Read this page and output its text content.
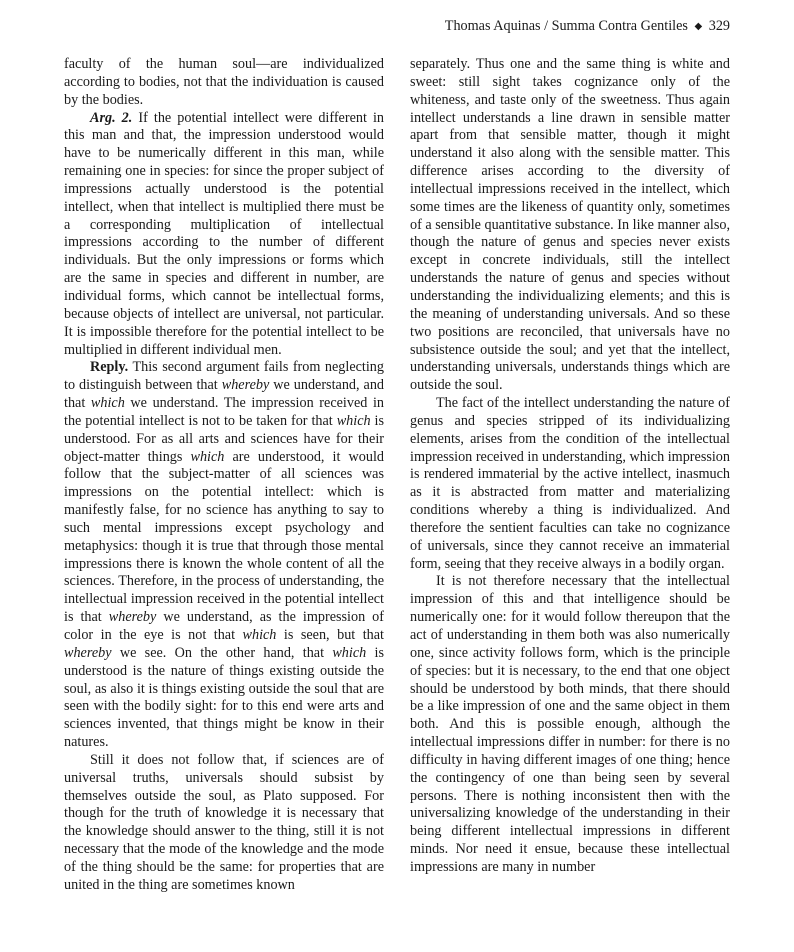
Thomas Aquinas / Summa Contra Gentiles ◆ 329

faculty of the human soul—are individualized according to bodies, not that the individuation is caused by the bodies.

Arg. 2. If the potential intellect were different in this man and that, the impression understood would have to be numerically different in this man, while remaining one in species: for since the proper subject of impressions actually understood is the potential intellect, when that intellect is multiplied there must be a corresponding multiplication of intellectual impressions according to the number of different individuals. But the only impressions or forms which are the same in species and different in number, are individual forms, which cannot be intellectual forms, because objects of intellect are universal, not particular. It is impossible therefore for the potential intellect to be multiplied in different individual men.

Reply. This second argument fails from neglecting to distinguish between that whereby we understand, and that which we understand. The impression received in the potential intellect is not to be taken for that which is understood. For as all arts and sciences have for their object-matter things which are understood, it would follow that the subject-matter of all sciences was impressions on the potential intellect: which is manifestly false, for no science has anything to say to such mental impressions except psychology and metaphysics: though it is true that through those mental impressions there is known the whole content of all the sciences. Therefore, in the process of understanding, the intellectual impression received in the potential intellect is that whereby we understand, as the impression of color in the eye is not that which is seen, but that whereby we see. On the other hand, that which is understood is the nature of things existing outside the soul, as also it is things existing outside the soul that are seen with the bodily sight: for to this end were arts and sciences invented, that things might be know in their natures.

Still it does not follow that, if sciences are of universal truths, universals should subsist by themselves outside the soul, as Plato supposed. For though for the truth of knowledge it is necessary that the knowledge should answer to the thing, still it is not necessary that the mode of the knowledge and the mode of the thing should be the same: for properties that are united in the thing are sometimes known

separately. Thus one and the same thing is white and sweet: still sight takes cognizance only of the whiteness, and taste only of the sweetness. Thus again intellect understands a line drawn in sensible matter apart from that sensible matter, though it might understand it also along with the sensible matter. This difference arises according to the diversity of intellectual impressions received in the intellect, which some times are the likeness of quantity only, sometimes of a sensible quantitative substance. In like manner also, though the nature of genus and species never exists except in concrete individuals, still the intellect understands the nature of genus and species without understanding the individualizing elements; and this is the meaning of understanding universals. And so these two positions are reconciled, that universals have no subsistence outside the soul; and yet that the intellect, understanding universals, understands things which are outside the soul.

The fact of the intellect understanding the nature of genus and species stripped of its individualizing elements, arises from the condition of the intellectual impression received in understanding, which impression is rendered immaterial by the active intellect, inasmuch as it is abstracted from matter and materializing conditions whereby a thing is individualized. And therefore the sentient faculties can take no cognizance of universals, since they cannot receive an immaterial form, seeing that they receive always in a bodily organ.

It is not therefore necessary that the intellectual impression of this and that intelligence should be numerically one: for it would follow thereupon that the act of understanding in them both was also numerically one, since activity follows form, which is the principle of species: but it is necessary, to the end that one object should be understood by both minds, that there should be a like impression of one and the same object in them both. And this is possible enough, although the intellectual impressions differ in number: for there is no difficulty in having different images of one thing; hence the contingency of one than being seen by several persons. There is nothing inconsistent then with the universalizing knowledge of the understanding in their being different intellectual impressions in different minds. Nor need it ensue, because these intellectual impressions are many in number
